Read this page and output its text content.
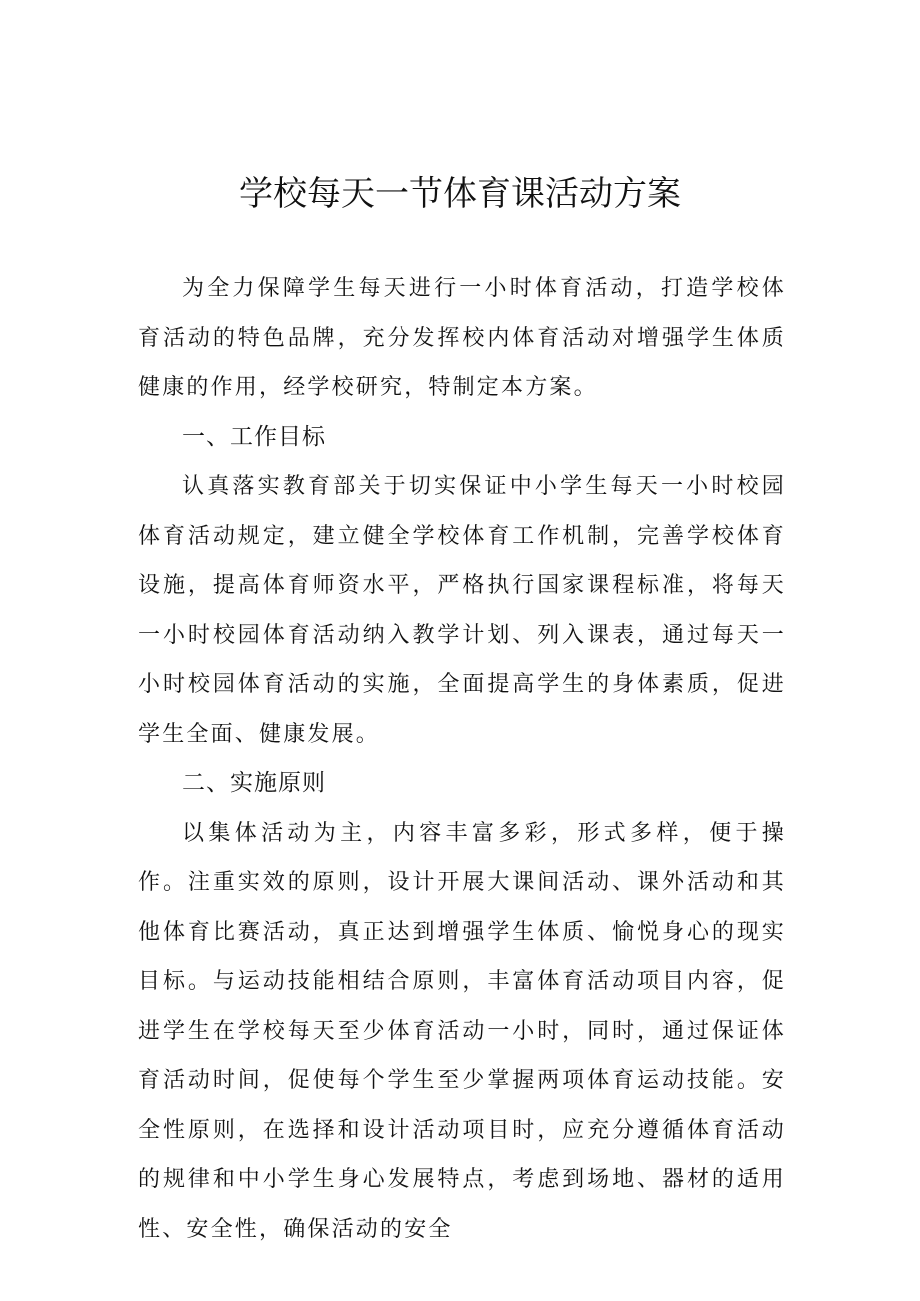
学校每天一节体育课活动方案

为全力保障学生每天进行一小时体育活动，打造学校体育活动的特色品牌，充分发挥校内体育活动对增强学生体质健康的作用，经学校研究，特制定本方案。

一、工作目标

认真落实教育部关于切实保证中小学生每天一小时校园体育活动规定，建立健全学校体育工作机制，完善学校体育设施，提高体育师资水平，严格执行国家课程标准，将每天一小时校园体育活动纳入教学计划、列入课表，通过每天一小时校园体育活动的实施，全面提高学生的身体素质，促进学生全面、健康发展。

二、实施原则

以集体活动为主，内容丰富多彩，形式多样，便于操作。注重实效的原则，设计开展大课间活动、课外活动和其他体育比赛活动，真正达到增强学生体质、愉悦身心的现实目标。与运动技能相结合原则，丰富体育活动项目内容，促进学生在学校每天至少体育活动一小时，同时，通过保证体育活动时间，促使每个学生至少掌握两项体育运动技能。安全性原则，在选择和设计活动项目时，应充分遵循体育活动的规律和中小学生身心发展特点，考虑到场地、器材的适用性、安全性，确保活动的安全
